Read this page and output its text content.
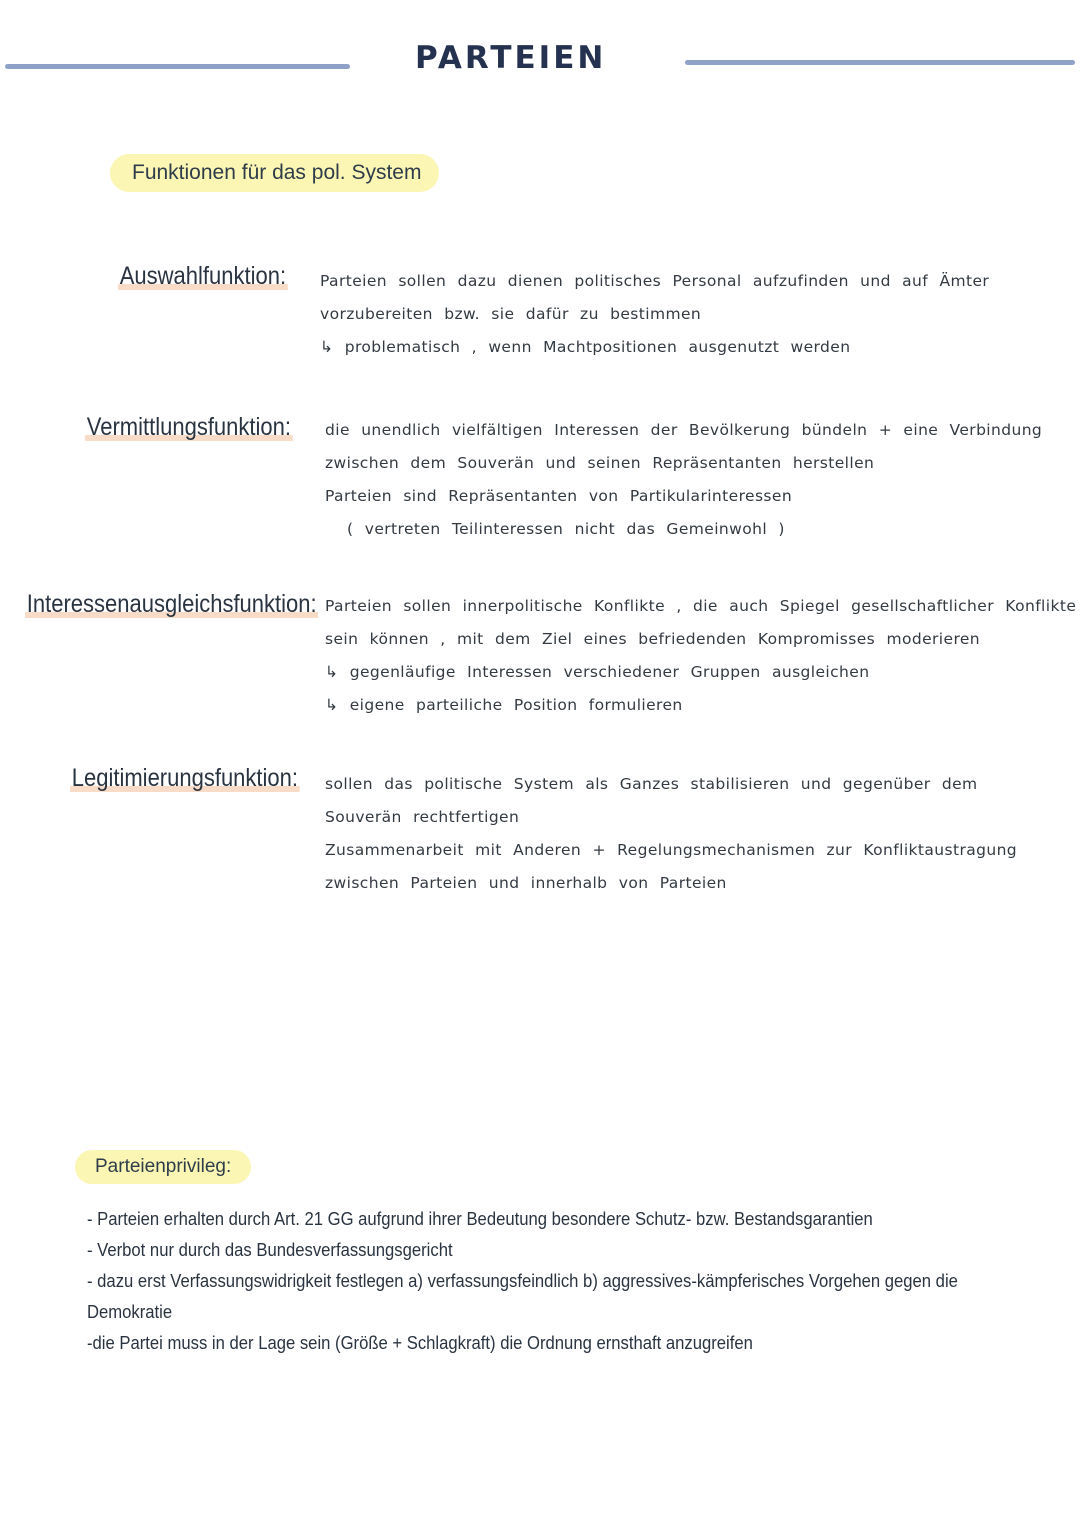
PARTEIEN
Funktionen für das pol. System
Auswahlfunktion: Parteien sollen dazu dienen politisches Personal aufzufinden und auf Ämter
vorzubereiten bzw. sie dafür zu bestimmen
↳ problematisch , wenn Machtpositionen ausgenutzt werden
Vermittlungsfunktion: die unendlich vielfältigen Interessen der Bevölkerung bündeln + eine Verbindung
zwischen dem Souverän und seinen Repräsentanten herstellen
Parteien sind Repräsentanten von Partikularinteressen
( vertreten Teilinteressen nicht das Gemeinwohl )
Interessenausgleichsfunktion: Parteien sollen innerpolitische Konflikte , die auch Spiegel gesellschaftlicher Konflikte
sein können , mit dem Ziel eines befriedenden Kompromisses moderieren
↳ gegenläufige Interessen verschiedener Gruppen ausgleichen
↳ eigene parteiliche Position formulieren
Legitimierungsfunktion: sollen das politische System als Ganzes stabilisieren und gegenüber dem
Souverän rechtfertigen
Zusammenarbeit mit Anderen + Regelungsmechanismen zur Konfliktaustragung
zwischen Parteien und innerhalb von Parteien
Parteienprivileg:
- Parteien erhalten durch Art. 21 GG aufgrund ihrer Bedeutung besondere Schutz- bzw. Bestandsgarantien
- Verbot nur durch das Bundesverfassungsgericht
- dazu erst Verfassungswidrigkeit festlegen a) verfassungsfeindlich b) aggressives-kämpferisches Vorgehen gegen die
Demokratie
-die Partei muss in der Lage sein (Größe + Schlagkraft) die Ordnung ernsthaft anzugreifen
